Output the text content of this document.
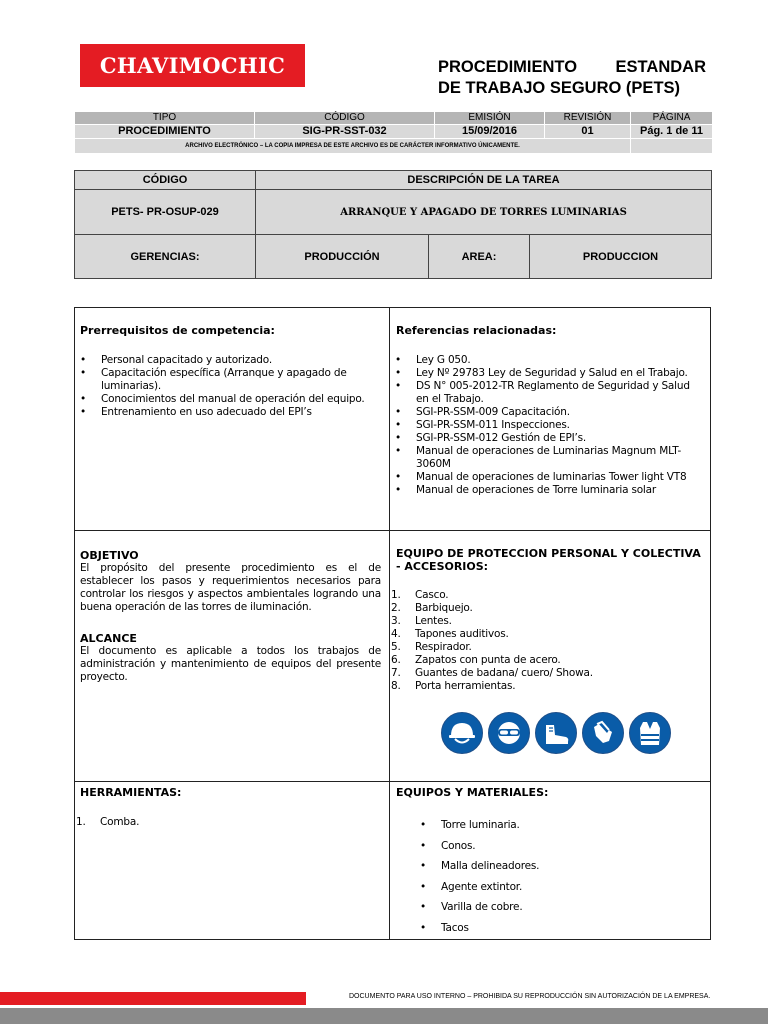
CHAVIMOCHIC	PROCEDIMIENTO ESTANDAR
DE TRABAJO SEGURO (PETS)
TIPO	CÓDIGO	EMISIÓN	REVISIÓN	PÁGINA
PROCEDIMIENTO	SIG-PR-SST-032	15/09/2016	01	Pág. 1 de 11
ARCHIVO ELECTRÓNICO – LA COPIA IMPRESA DE ESTE ARCHIVO ES DE CARÁCTER INFORMATIVO ÚNICAMENTE.				
CÓDIGO	DESCRIPCIÓN DE LA TAREA		
PETS- PR-OSUP-029	ARRANQUE Y APAGADO DE TORRES LUMINARIAS		
GERENCIAS:	PRODUCCIÓN	AREA:	PRODUCCION
Prerrequisitos de competencia:
• Personal capacitado y autorizado.
• Capacitación específica (Arranque y apagado de luminarias).
• Conocimientos del manual de operación del equipo.
• Entrenamiento en uso adecuado del EPI’s
Referencias relacionadas:
• Ley G 050.
• Ley Nº 29783 Ley de Seguridad y Salud en el Trabajo.
• DS N° 005-2012-TR Reglamento de Seguridad y Salud en el Trabajo.
• SGI-PR-SSM-009 Capacitación.
• SGI-PR-SSM-011 Inspecciones.
• SGI-PR-SSM-012 Gestión de EPI’s.
• Manual de operaciones de Luminarias Magnum MLT-3060M
• Manual de operaciones de luminarias Tower light VT8
• Manual de operaciones de Torre luminaria solar
OBJETIVO
El propósito del presente procedimiento es el de establecer los pasos y requerimientos necesarios para controlar los riesgos y aspectos ambientales logrando una buena operación de las torres de iluminación.
ALCANCE
El documento es aplicable a todos los trabajos de administración y mantenimiento de equipos del presente proyecto.
EQUIPO DE PROTECCION PERSONAL Y COLECTIVA - ACCESORIOS:
1.	Casco.
2.	Barbiquejo.
3.	Lentes.
4.	Tapones auditivos.
5.	Respirador.
6.	Zapatos con punta de acero.
7.	Guantes de badana/ cuero/ Showa.
8.	Porta herramientas.
HERRAMIENTAS:
1.	Comba.
EQUIPOS Y MATERIALES:
• Torre luminaria.
• Conos.
• Malla delineadores.
• Agente extintor.
• Varilla de cobre.
• Tacos
DOCUMENTO PARA USO INTERNO – PROHIBIDA SU REPRODUCCIÓN SIN AUTORIZACIÓN DE LA EMPRESA.
